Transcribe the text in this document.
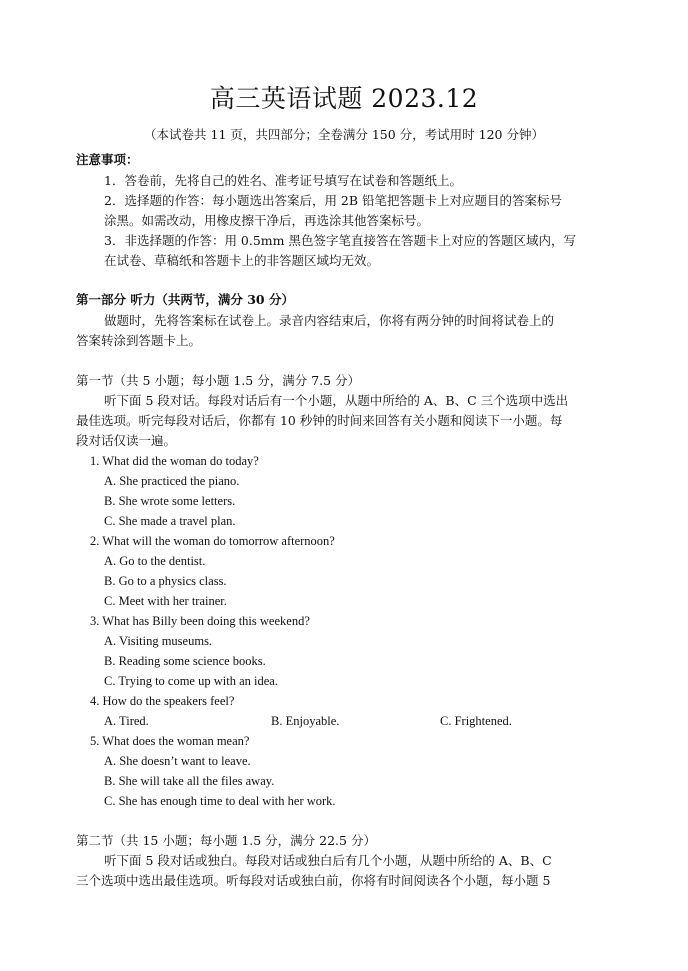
高三英语试题 2023.12
（本试卷共 11 页，共四部分；全卷满分 150 分，考试用时 120 分钟）
注意事项：
1．答卷前，先将自己的姓名、准考证号填写在试卷和答题纸上。
2．选择题的作答：每小题选出答案后，用 2B 铅笔把答题卡上对应题目的答案标号
涂黑。如需改动，用橡皮擦干净后，再选涂其他答案标号。
3．非选择题的作答：用 0.5mm 黑色签字笔直接答在答题卡上对应的答题区域内，写
在试卷、草稿纸和答题卡上的非答题区域均无效。
第一部分 听力（共两节，满分 30 分）
做题时，先将答案标在试卷上。录音内容结束后，你将有两分钟的时间将试卷上的
答案转涂到答题卡上。
第一节（共 5 小题；每小题 1.5 分，满分 7.5 分）
听下面 5 段对话。每段对话后有一个小题，从题中所给的 A、B、C 三个选项中选出
最佳选项。听完每段对话后，你都有 10 秒钟的时间来回答有关小题和阅读下一小题。每
段对话仅读一遍。
1. What did the woman do today?
A. She practiced the piano.
B. She wrote some letters.
C. She made a travel plan.
2. What will the woman do tomorrow afternoon?
A. Go to the dentist.
B. Go to a physics class.
C. Meet with her trainer.
3. What has Billy been doing this weekend?
A. Visiting museums.
B. Reading some science books.
C. Trying to come up with an idea.
4. How do the speakers feel?
A. Tired.	B. Enjoyable.	C. Frightened.
5. What does the woman mean?
A. She doesn’t want to leave.
B. She will take all the files away.
C. She has enough time to deal with her work.
第二节（共 15 小题；每小题 1.5 分，满分 22.5 分）
听下面 5 段对话或独白。每段对话或独白后有几个小题，从题中所给的 A、B、C
三个选项中选出最佳选项。听每段对话或独白前，你将有时间阅读各个小题，每小题 5
